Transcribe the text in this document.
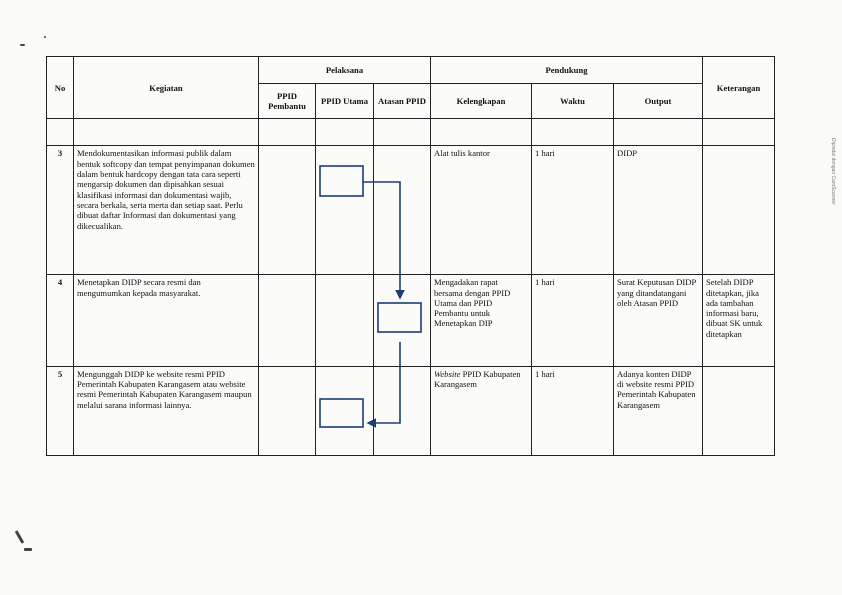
No	Kegiatan	Pelaksana			Pendukung			Keterangan
		PPID Pembantu	PPID Utama	Atasan PPID	Kelengkapan	Waktu	Output	

3	Mendokumentasikan informasi publik dalam bentuk softcopy dan tempat penyimpanan dokumen dalam bentuk hardcopy dengan tata cara seperti mengarsip dokumen dan dipisahkan sesuai klasifikasi informasi dan dokumentasi wajib, secara berkala, serta merta dan setiap saat. Perlu dibuat daftar Informasi dan dokumentasi yang dikecualikan.				Alat tulis kantor	1 hari	DIDP	
4	Menetapkan DIDP secara resmi dan mengumumkan kepada masyarakat.				Mengadakan rapat bersama dengan PPID Utama dan PPID Pembantu untuk Menetapkan DIP	1 hari	Surat Keputusan DIDP yang ditandatangani oleh Atasan PPID	Setelah DIDP ditetapkan, jika ada tambahan informasi baru, dibuat SK untuk ditetapkan
5	Mengunggah DIDP ke website resmi PPID Pemerintah Kabupaten Karangasem atau website resmi Pemerintah Kabupaten Karangasem maupun melalui sarana informasi lainnya.				Website PPID Kabupaten Karangasem	1 hari	Adanya konten DIDP di website resmi PPID Pemerintah Kabupaten Karangasem	
Dipindai dengan CamScanner
